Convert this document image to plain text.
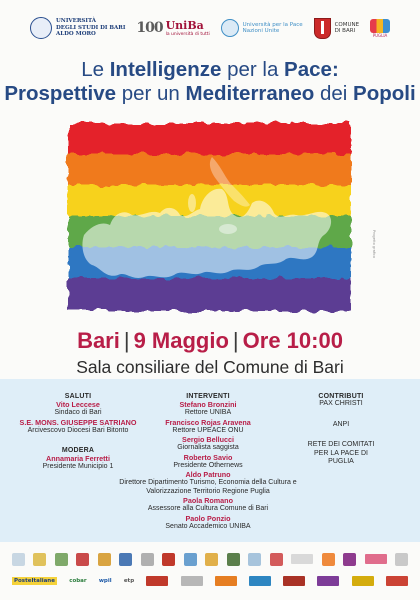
UNIVERSITÀ
DEGLI STUDI DI BARI
ALDO MORO	100 UniBa
la università di tutti
Università per la Pace
Nazioni Unite
COMUNE
DI BARI
PUGLIA
Le Intelligenze per la Pace:
Prospettive per un Mediterraneo dei Popoli
Progetto grafico
Bari | 9 Maggio | Ore 10:00
Sala consiliare del Comune di Bari
SALUTI
Vito Leccese
Sindaco di Bari
S.E. MONS. GIUSEPPE SATRIANO
Arcivescovo Diocesi Bari Bitonto
MODERA
Annamaria Ferretti
Presidente Municipio 1
INTERVENTI
Stefano Bronzini
Rettore UNIBA
Francisco Rojas Aravena
Rettore UPEACE ONU
Sergio Bellucci
Giornalista saggista
Roberto Savio
Presidente Othernews
Aldo Patruno
Direttore Dipartimento Turismo, Economia della Cultura e Valorizzazione Territorio Regione Puglia
Paola Romano
Assessore alla Cultura Comune di Bari
Paolo Ponzio
Senato Accademico UNIBA
CONTRIBUTI
PAX CHRISTI
ANPI
RETE DEI COMITATI PER LA PACE DI PUGLIA
PosteItaliane	cobar wpil etp
